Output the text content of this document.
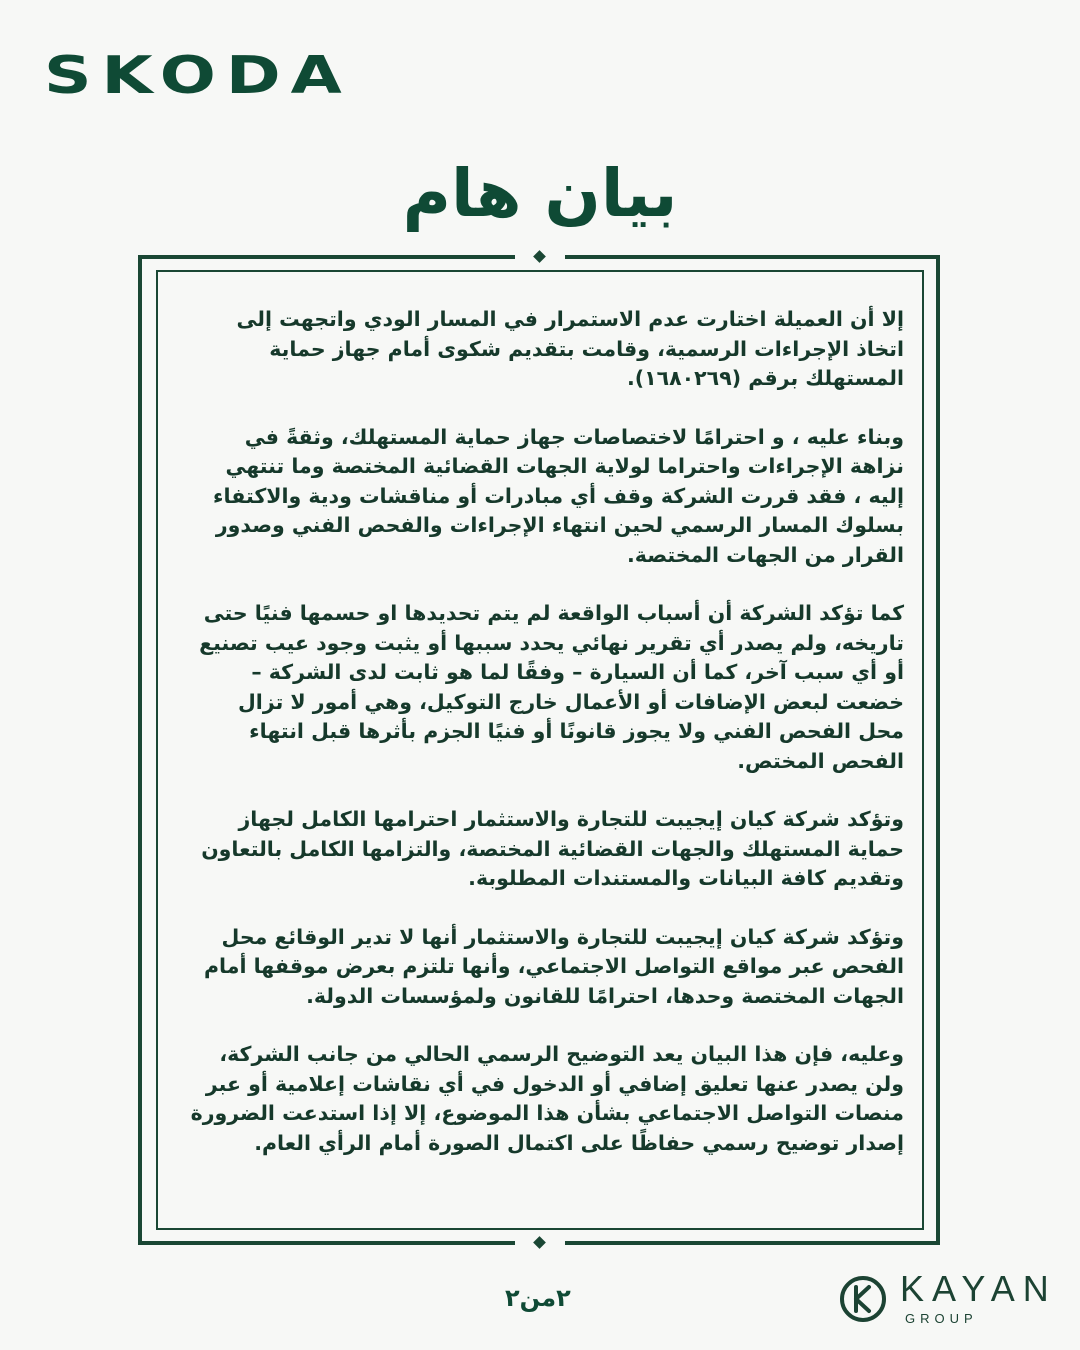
SKODA
بيان هام

إلا أن العميلة اختارت عدم الاستمرار في المسار الودي واتجهت إلى اتخاذ الإجراءات الرسمية، وقامت بتقديم شكوى أمام جهاز حماية المستهلك برقم (١٦٨٠٢٦٩).

وبناء عليه ، و احترامًا لاختصاصات جهاز حماية المستهلك، وثقةً في نزاهة الإجراءات واحتراما لولاية الجهات القضائية المختصة وما تنتهي إليه ، فقد قررت الشركة وقف أي مبادرات أو مناقشات ودية والاكتفاء بسلوك المسار الرسمي لحين انتهاء الإجراءات والفحص الفني وصدور القرار من الجهات المختصة.

كما تؤكد الشركة أن أسباب الواقعة لم يتم تحديدها او حسمها فنيًا حتى تاريخه، ولم يصدر أي تقرير نهائي يحدد سببها أو يثبت وجود عيب تصنيع أو أي سبب آخر، كما أن السيارة – وفقًا لما هو ثابت لدى الشركة – خضعت لبعض الإضافات أو الأعمال خارج التوكيل، وهي أمور لا تزال محل الفحص الفني ولا يجوز قانونًا أو فنيًا الجزم بأثرها قبل انتهاء الفحص المختص.

وتؤكد شركة كيان إيجيبت للتجارة والاستثمار احترامها الكامل لجهاز حماية المستهلك والجهات القضائية المختصة، والتزامها الكامل بالتعاون وتقديم كافة البيانات والمستندات المطلوبة.

وتؤكد شركة كيان إيجيبت للتجارة والاستثمار أنها لا تدير الوقائع محل الفحص عبر مواقع التواصل الاجتماعي، وأنها تلتزم بعرض موقفها أمام الجهات المختصة وحدها، احترامًا للقانون ولمؤسسات الدولة.

وعليه، فإن هذا البيان يعد التوضيح الرسمي الحالي من جانب الشركة، ولن يصدر عنها تعليق إضافي أو الدخول في أي نقاشات إعلامية أو عبر منصات التواصل الاجتماعي بشأن هذا الموضوع، إلا إذا استدعت الضرورة إصدار توضيح رسمي حفاظًا على اكتمال الصورة أمام الرأي العام.

٢من٢	KAYAN
GROUP
